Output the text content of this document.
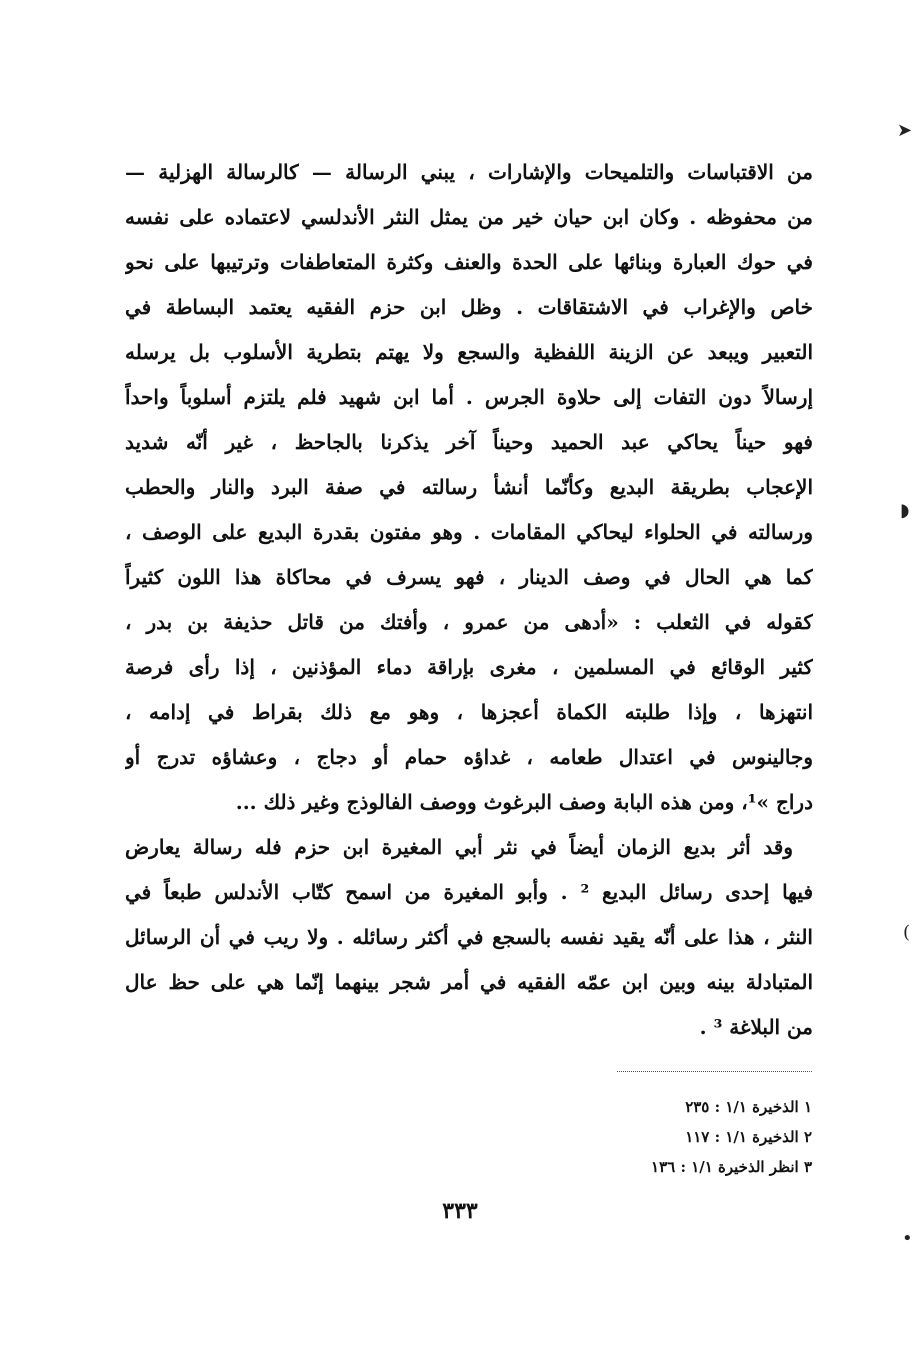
من الاقتباسات والتلميحات والإشارات ، يبني الرسالة — كالرسالة الهزلية —
من محفوظه . وكان ابن حيان خير من يمثل النثر الأندلسي لاعتماده على نفسه
في حوك العبارة وبنائها على الحدة والعنف وكثرة المتعاطفات وترتيبها على نحو
خاص والإغراب في الاشتقاقات . وظل ابن حزم الفقيه يعتمد البساطة في
التعبير ويبعد عن الزينة اللفظية والسجع ولا يهتم بتطرية الأسلوب بل يرسله
إرسالاً دون التفات إلى حلاوة الجرس . أما ابن شهيد فلم يلتزم أسلوباً واحداً
فهو حيناً يحاكي عبد الحميد وحيناً آخر يذكرنا بالجاحظ ، غير أنّه شديد
الإعجاب بطريقة البديع وكأنّما أنشأ رسالته في صفة البرد والنار والحطب
ورسالته في الحلواء ليحاكي المقامات . وهو مفتون بقدرة البديع على الوصف ،
كما هي الحال في وصف الدينار ، فهو يسرف في محاكاة هذا اللون كثيراً
كقوله في الثعلب : «أدهى من عمرو ، وأفتك من قاتل حذيفة بن بدر ،
كثير الوقائع في المسلمين ، مغرى بإراقة دماء المؤذنين ، إذا رأى فرصة
انتهزها ، وإذا طلبته الكماة أعجزها ، وهو مع ذلك بقراط في إدامه ،
وجالينوس في اعتدال طعامه ، غداؤه حمام أو دجاج ، وعشاؤه تدرج أو
دراج »¹، ومن هذه البابة وصف البرغوث ووصف الفالوذج وغير ذلك ...
وقد أثر بديع الزمان أيضاً في نثر أبي المغيرة ابن حزم فله رسالة يعارض
فيها إحدى رسائل البديع ² . وأبو المغيرة من اسمح كتّاب الأندلس طبعاً في
النثر ، هذا على أنّه يقيد نفسه بالسجع في أكثر رسائله . ولا ريب في أن الرسائل
المتبادلة بينه وبين ابن عمّه الفقيه في أمر شجر بينهما إنّما هي على حظ عال
من البلاغة ³ .
١ الذخيرة ١/١ : ٢٣٥
٢ الذخيرة ١/١ : ١١٧
٣ انظر الذخيرة ١/١ : ١٣٦
٣٣٣
➤
◗
(
•
